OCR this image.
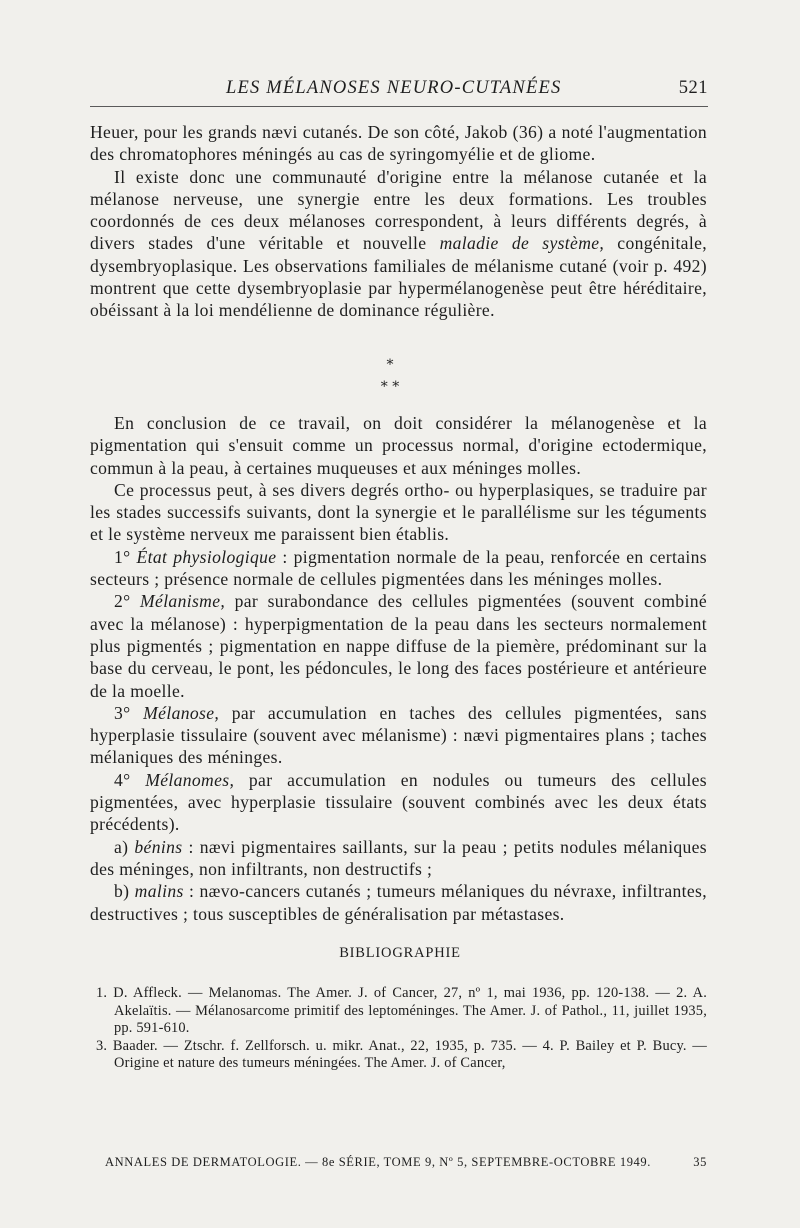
LES MÉLANOSES NEURO-CUTANÉES	521

Heuer, pour les grands nævi cutanés. De son côté, Jakob (36) a noté l'augmentation des chromatophores méningés au cas de syringomyélie et de gliome.

Il existe donc une communauté d'origine entre la mélanose cutanée et la mélanose nerveuse, une synergie entre les deux formations. Les troubles coordonnés de ces deux mélanoses correspondent, à leurs différents degrés, à divers stades d'une véritable et nouvelle maladie de système, congénitale, dysembryoplasique. Les observations familiales de mélanisme cutané (voir p. 492) montrent que cette dysembryoplasie par hypermélanogenèse peut être héréditaire, obéissant à la loi mendélienne de dominance régulière.

*
* *

En conclusion de ce travail, on doit considérer la mélanogenèse et la pigmentation qui s'ensuit comme un processus normal, d'origine ectodermique, commun à la peau, à certaines muqueuses et aux méninges molles.

Ce processus peut, à ses divers degrés ortho- ou hyperplasiques, se traduire par les stades successifs suivants, dont la synergie et le parallélisme sur les téguments et le système nerveux me paraissent bien établis.

1° État physiologique : pigmentation normale de la peau, renforcée en certains secteurs ; présence normale de cellules pigmentées dans les méninges molles.

2° Mélanisme, par surabondance des cellules pigmentées (souvent combiné avec la mélanose) : hyperpigmentation de la peau dans les secteurs normalement plus pigmentés ; pigmentation en nappe diffuse de la piemère, prédominant sur la base du cerveau, le pont, les pédoncules, le long des faces postérieure et antérieure de la moelle.

3° Mélanose, par accumulation en taches des cellules pigmentées, sans hyperplasie tissulaire (souvent avec mélanisme) : nævi pigmentaires plans ; taches mélaniques des méninges.

4° Mélanomes, par accumulation en nodules ou tumeurs des cellules pigmentées, avec hyperplasie tissulaire (souvent combinés avec les deux états précédents).

a) bénins : nævi pigmentaires saillants, sur la peau ; petits nodules mélaniques des méninges, non infiltrants, non destructifs ;

b) malins : nævo-cancers cutanés ; tumeurs mélaniques du névraxe, infiltrantes, destructives ; tous susceptibles de généralisation par métastases.

BIBLIOGRAPHIE

1. D. Affleck. — Melanomas. The Amer. J. of Cancer, 27, nº 1, mai 1936, pp. 120-138. — 2. A. Akelaïtis. — Mélanosarcome primitif des leptoméninges. The Amer. J. of Pathol., 11, juillet 1935, pp. 591-610.

3. Baader. — Ztschr. f. Zellforsch. u. mikr. Anat., 22, 1935, p. 735. — 4. P. Bailey et P. Bucy. — Origine et nature des tumeurs méningées. The Amer. J. of Cancer,

ANNALES DE DERMATOLOGIE. — 8e SÉRIE, TOME 9, Nº 5, SEPTEMBRE-OCTOBRE 1949.	35
